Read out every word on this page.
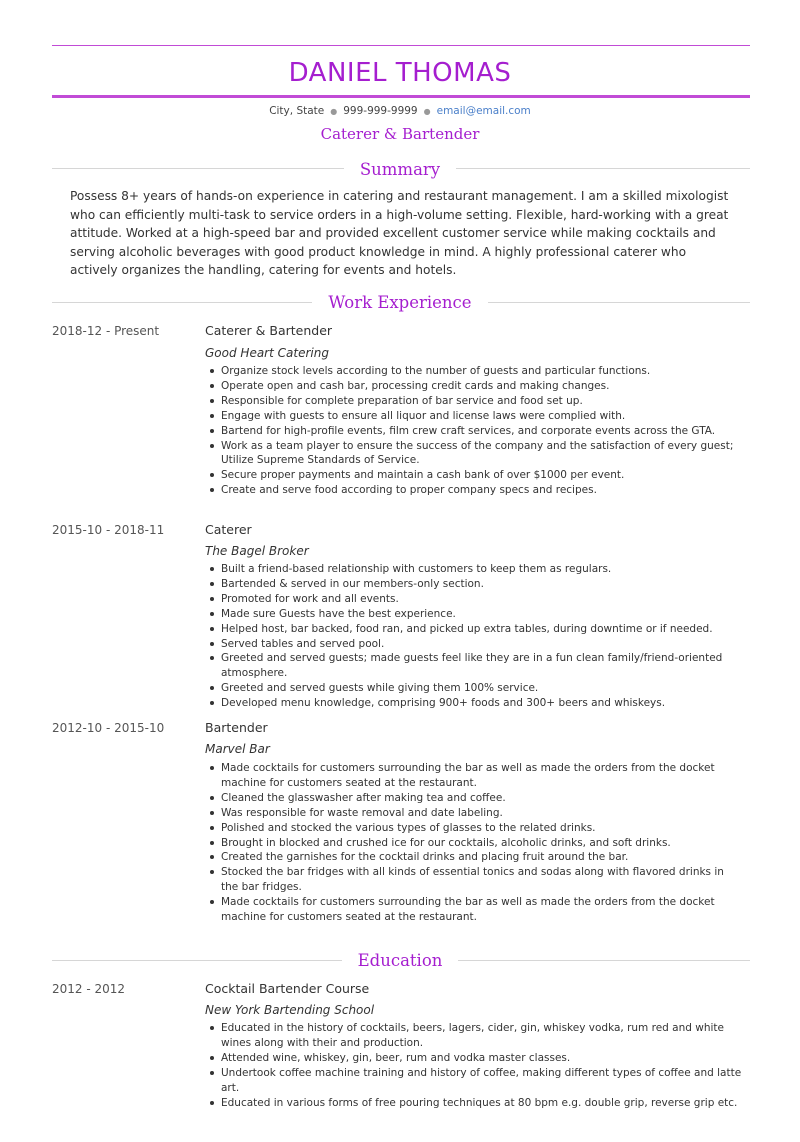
DANIEL THOMAS
City, State ● 999-999-9999 ● email@email.com
Caterer & Bartender
Summary
Possess 8+ years of hands-on experience in catering and restaurant management. I am a skilled mixologist who can efficiently multi-task to service orders in a high-volume setting. Flexible, hard-working with a great attitude. Worked at a high-speed bar and provided excellent customer service while making cocktails and serving alcoholic beverages with good product knowledge in mind. A highly professional caterer who actively organizes the handling, catering for events and hotels.
Work Experience
2018-12 - Present	Caterer & Bartender
Good Heart Catering
Organize stock levels according to the number of guests and particular functions.
Operate open and cash bar, processing credit cards and making changes.
Responsible for complete preparation of bar service and food set up.
Engage with guests to ensure all liquor and license laws were complied with.
Bartend for high-profile events, film crew craft services, and corporate events across the GTA.
Work as a team player to ensure the success of the company and the satisfaction of every guest; Utilize Supreme Standards of Service.
Secure proper payments and maintain a cash bank of over $1000 per event.
Create and serve food according to proper company specs and recipes.
2015-10 - 2018-11	Caterer
The Bagel Broker
Built a friend-based relationship with customers to keep them as regulars.
Bartended & served in our members-only section.
Promoted for work and all events.
Made sure Guests have the best experience.
Helped host, bar backed, food ran, and picked up extra tables, during downtime or if needed.
Served tables and served pool.
Greeted and served guests; made guests feel like they are in a fun clean family/friend-oriented atmosphere.
Greeted and served guests while giving them 100% service.
Developed menu knowledge, comprising 900+ foods and 300+ beers and whiskeys.
2012-10 - 2015-10	Bartender
Marvel Bar
Made cocktails for customers surrounding the bar as well as made the orders from the docket machine for customers seated at the restaurant.
Cleaned the glasswasher after making tea and coffee.
Was responsible for waste removal and date labeling.
Polished and stocked the various types of glasses to the related drinks.
Brought in blocked and crushed ice for our cocktails, alcoholic drinks, and soft drinks.
Created the garnishes for the cocktail drinks and placing fruit around the bar.
Stocked the bar fridges with all kinds of essential tonics and sodas along with flavored drinks in the bar fridges.
Made cocktails for customers surrounding the bar as well as made the orders from the docket machine for customers seated at the restaurant.
Education
2012 - 2012	Cocktail Bartender Course
New York Bartending School
Educated in the history of cocktails, beers, lagers, cider, gin, whiskey vodka, rum red and white wines along with their and production.
Attended wine, whiskey, gin, beer, rum and vodka master classes.
Undertook coffee machine training and history of coffee, making different types of coffee and latte art.
Educated in various forms of free pouring techniques at 80 bpm e.g. double grip, reverse grip etc.
